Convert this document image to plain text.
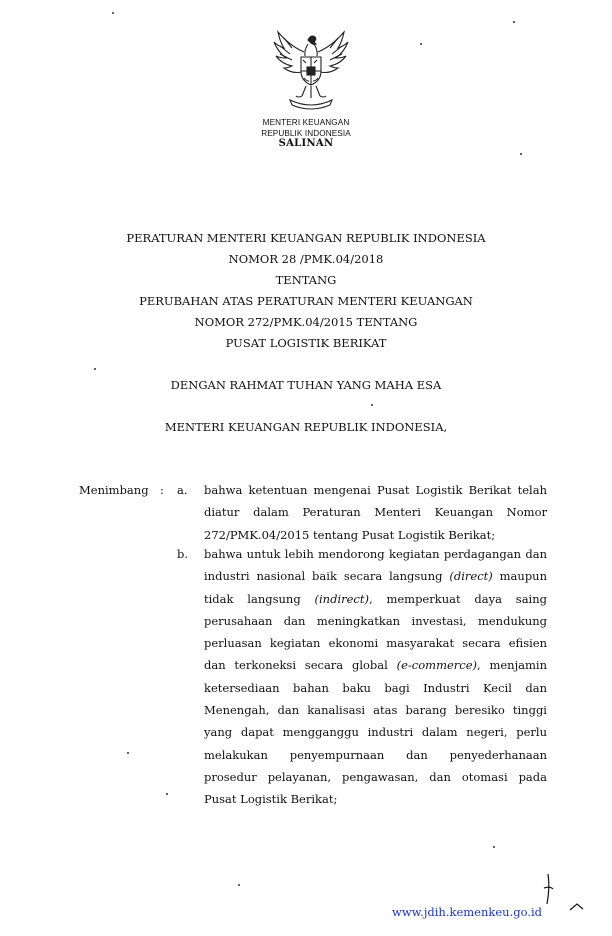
MENTERI KEUANGAN
REPUBLIK INDONESIA
SALINAN
PERATURAN MENTERI KEUANGAN REPUBLIK INDONESIA
NOMOR 28 /PMK.04/2018
TENTANG
PERUBAHAN ATAS PERATURAN MENTERI KEUANGAN
NOMOR 272/PMK.04/2015 TENTANG
PUSAT LOGISTIK BERIKAT
DENGAN RAHMAT TUHAN YANG MAHA ESA
MENTERI KEUANGAN REPUBLIK INDONESIA,
Menimbang : a. bahwa ketentuan mengenai Pusat Logistik Berikat telah
diatur dalam Peraturan Menteri Keuangan Nomor
272/PMK.04/2015 tentang Pusat Logistik Berikat;
b. bahwa untuk lebih mendorong kegiatan perdagangan dan
industri nasional baik secara langsung (direct) maupun
tidak langsung (indirect), memperkuat daya saing
perusahaan dan meningkatkan investasi, mendukung
perluasan kegiatan ekonomi masyarakat secara efisien
dan terkoneksi secara global (e-commerce), menjamin
ketersediaan bahan baku bagi Industri Kecil dan
Menengah, dan kanalisasi atas barang beresiko tinggi
yang dapat mengganggu industri dalam negeri, perlu
melakukan penyempurnaan dan penyederhanaan
prosedur pelayanan, pengawasan, dan otomasi pada
Pusat Logistik Berikat;
www.jdih.kemenkeu.go.id
